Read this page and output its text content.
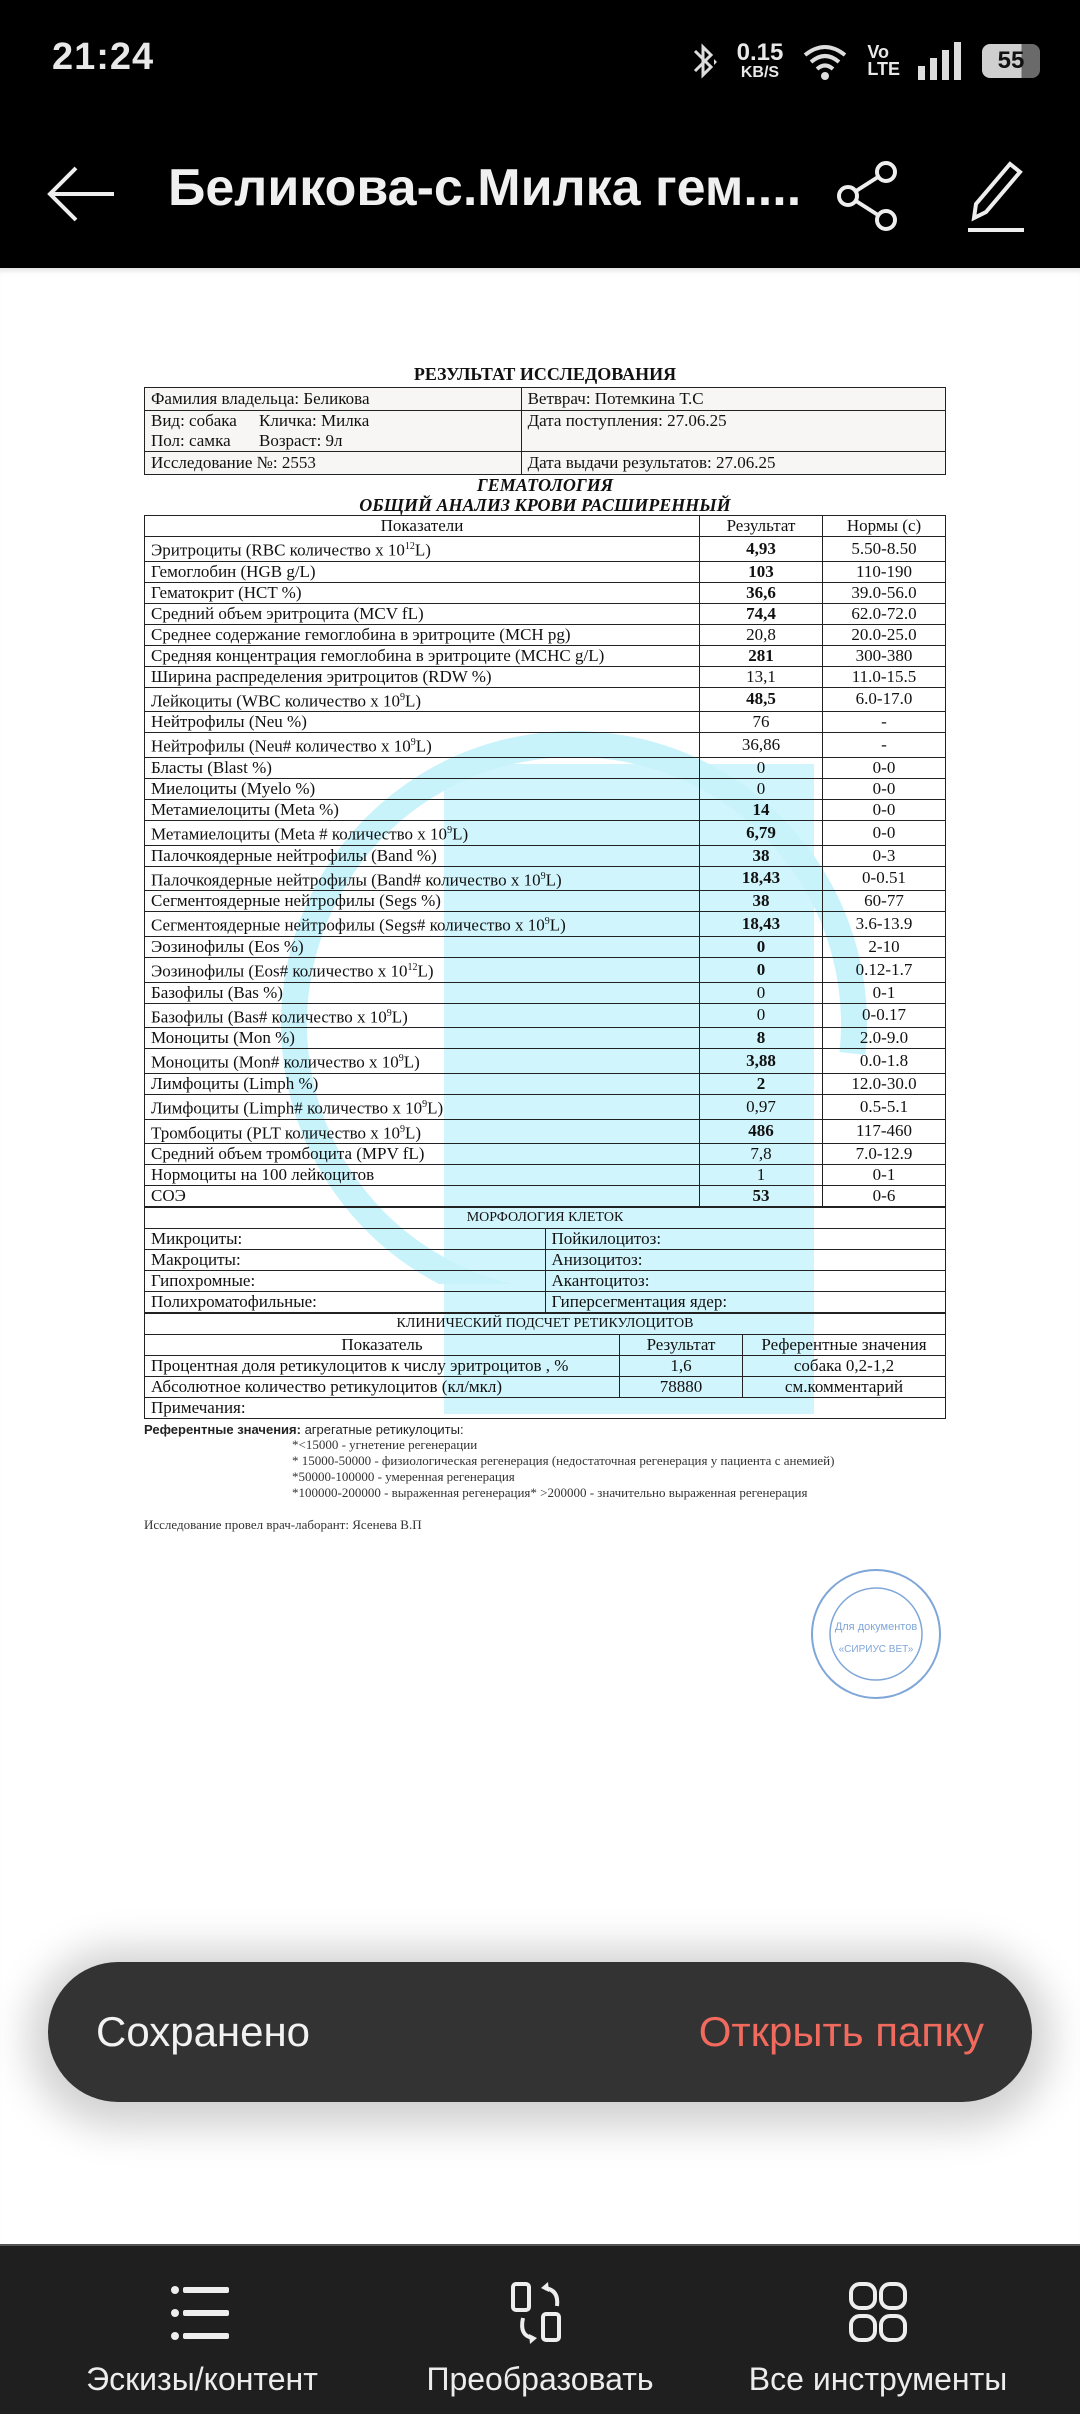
21:24	0.15
KB/S
Vo
LTE	55
Беликова-с.Милка гем....
РЕЗУЛЬТАТ ИССЛЕДОВАНИЯ
Фамилия владельца: Беликова	Ветврач: Потемкина Т.С
Вид: собака Кличка: Милка
Пол: самка Возраст: 9л	Дата поступления: 27.06.25
Исследование №: 2553	Дата выдачи результатов: 27.06.25
ГЕМАТОЛОГИЯ
ОБЩИЙ АНАЛИЗ КРОВИ РАСШИРЕННЫЙ
Показатели	Результат	Нормы (с)
Эритроциты (RBC количество х $10^{12}L$)	4,93	5.50-8.50
Гемоглобин (HGB g/L)	103	110-190
Гематокрит (HCT %)	36,6	39.0-56.0
Средний объем эритроцита (MCV fL)	74,4	62.0-72.0
Среднее содержание гемоглобина в эритроците (MCH pg)	20,8	20.0-25.0
Средняя концентрация гемоглобина в эритроците (MCHC g/L)	281	300-380
Ширина распределения эритроцитов (RDW %)	13,1	11.0-15.5
Лейкоциты (WBC количество х $10^9L$)	48,5	6.0-17.0
Нейтрофилы (Neu %)	76	-
Нейтрофилы (Neu# количество х $10^9L$)	36,86	-
Бласты (Blast %)	0	0-0
Миелоциты (Myelo %)	0	0-0
Метамиелоциты (Meta %)	14	0-0
Метамиелоциты (Meta # количество х $10^9L$)	6,79	0-0
Палочкоядерные нейтрофилы (Band %)	38	0-3
Палочкоядерные нейтрофилы (Band# количество х $10^9L$)	18,43	0-0.51
Сегментоядерные нейтрофилы (Segs %)	38	60-77
Сегментоядерные нейтрофилы (Segs# количество х $10^9L$)	18,43	3.6-13.9
Эозинофилы (Eos %)	0	2-10
Эозинофилы (Eos# количество х $10^{12}L$)	0	0.12-1.7
Базофилы (Bas %)	0	0-1
Базофилы (Bas# количество х $10^9L$)	0	0-0.17
Моноциты (Mon %)	8	2.0-9.0
Моноциты (Mon# количество х $10^9L$)	3,88	0.0-1.8
Лимфоциты (Limph %)	2	12.0-30.0
Лимфоциты (Limph# количество х $10^9L$)	0,97	0.5-5.1
Тромбоциты (PLT количество х $10^9L$)	486	117-460
Средний объем тромбоцита (MPV fL)	7,8	7.0-12.9
Нормоциты на 100 лейкоцитов	1	0-1
СОЭ	53	0-6
МОРФОЛОГИЯ КЛЕТОК	
Микроциты:	Пойкилоцитоз:
Макроциты:	Анизоцитоз:
Гипохромные:	Акантоцитоз:
Полихроматофильные:	Гиперсегментация ядер:
КЛИНИЧЕСКИЙ ПОДСЧЕТ РЕТИКУЛОЦИТОВ		
Показатель	Результат	Референтные значения
Процентная доля ретикулоцитов к числу эритроцитов , %	1,6	собака 0,2-1,2
Абсолютное количество ретикулоцитов (кл/мкл)	78880	см.комментарий
Примечания:		
Референтные значения: агрегатные ретикулоциты:
*<15000 - угнетение регенерации
* 15000-50000 - физиологическая регенерация (недостаточная регенерация у пациента с анемией)
*50000-100000 - умеренная регенерация
*100000-200000 - выраженная регенерация* >200000 - значительно выраженная регенерация
Исследование провел врач-лаборант: Ясенева В.П
Для документов
«СИРИУС ВЕТ»
Сохранено	Открыть папку
Эскизы/контент	Преобразовать	Все инструменты
